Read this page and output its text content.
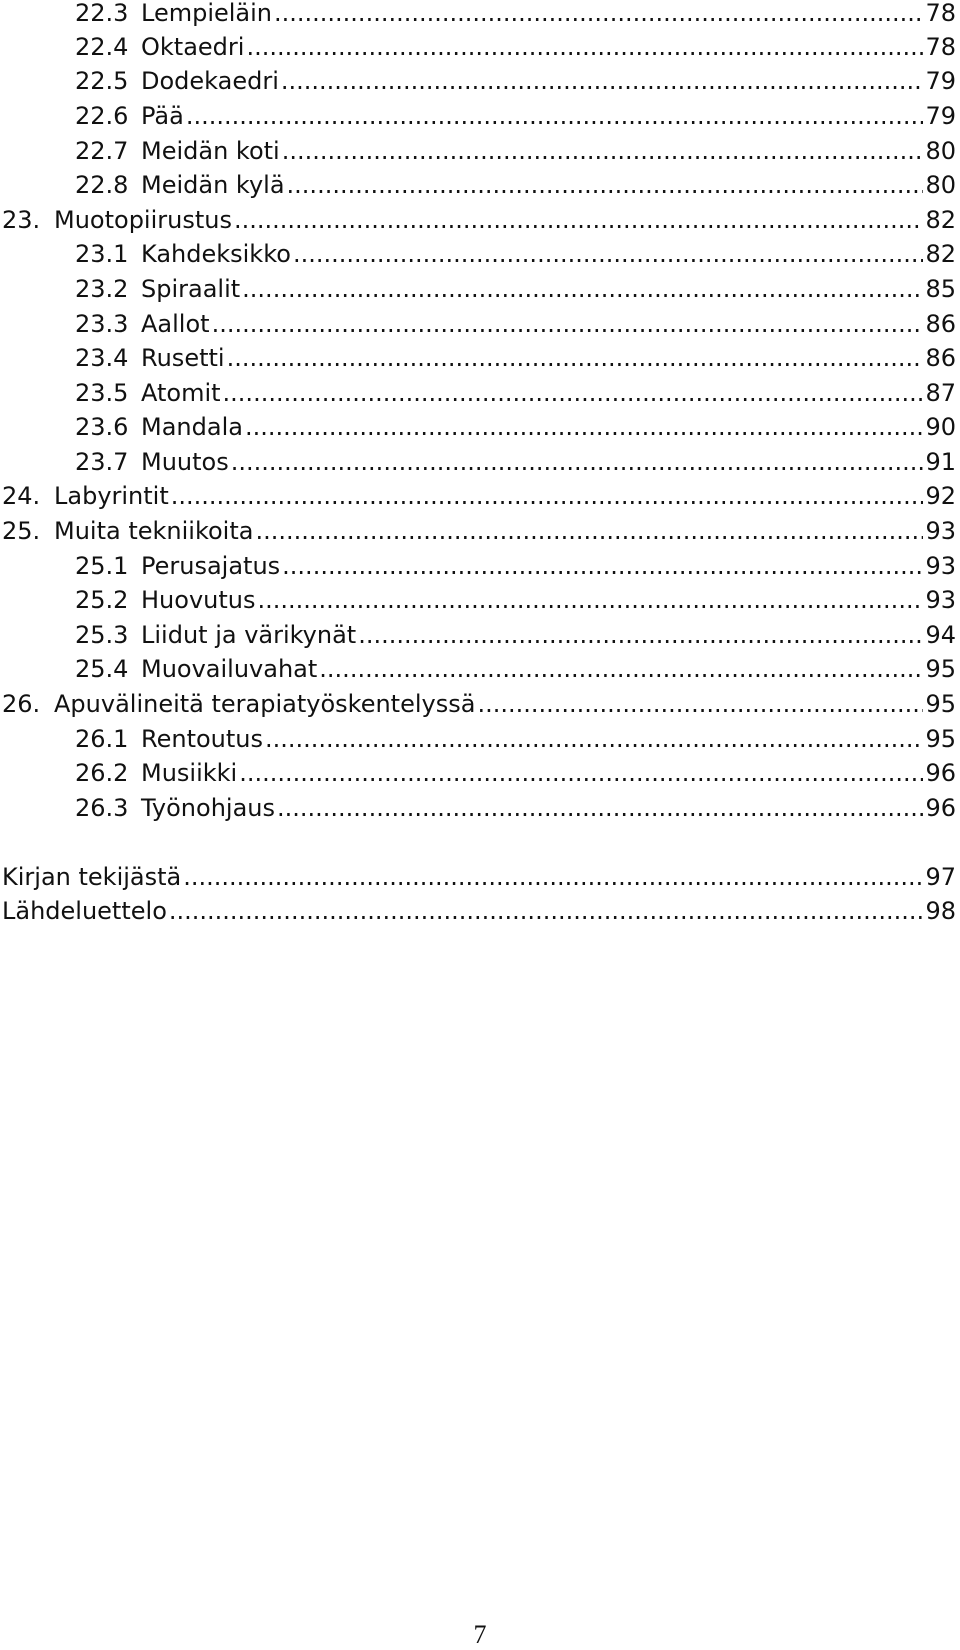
22.3 Lempieläin .....	78
22.4 Oktaedri .....	78
22.5 Dodekaedri .....	79
22.6 Pää .....	79
22.7 Meidän koti .....	80
22.8 Meidän kylä .....	80
23. Muotopiirustus .....	82
23.1 Kahdeksikko .....	82
23.2 Spiraalit .....	85
23.3 Aallot .....	86
23.4 Rusetti .....	86
23.5 Atomit .....	87
23.6 Mandala .....	90
23.7 Muutos .....	91
24. Labyrintit .....	92
25. Muita tekniikoita .....	93
25.1 Perusajatus .....	93
25.2 Huovutus .....	93
25.3 Liidut ja värikynät .....	94
25.4 Muovailuvahat .....	95
26. Apuvälineitä terapiatyöskentelyssä .....	95
26.1 Rentoutus .....	95
26.2 Musiikki .....	96
26.3 Työnohjaus .....	96
Kirjan tekijästä .....	97
Lähdeluettelo .....	98
7
